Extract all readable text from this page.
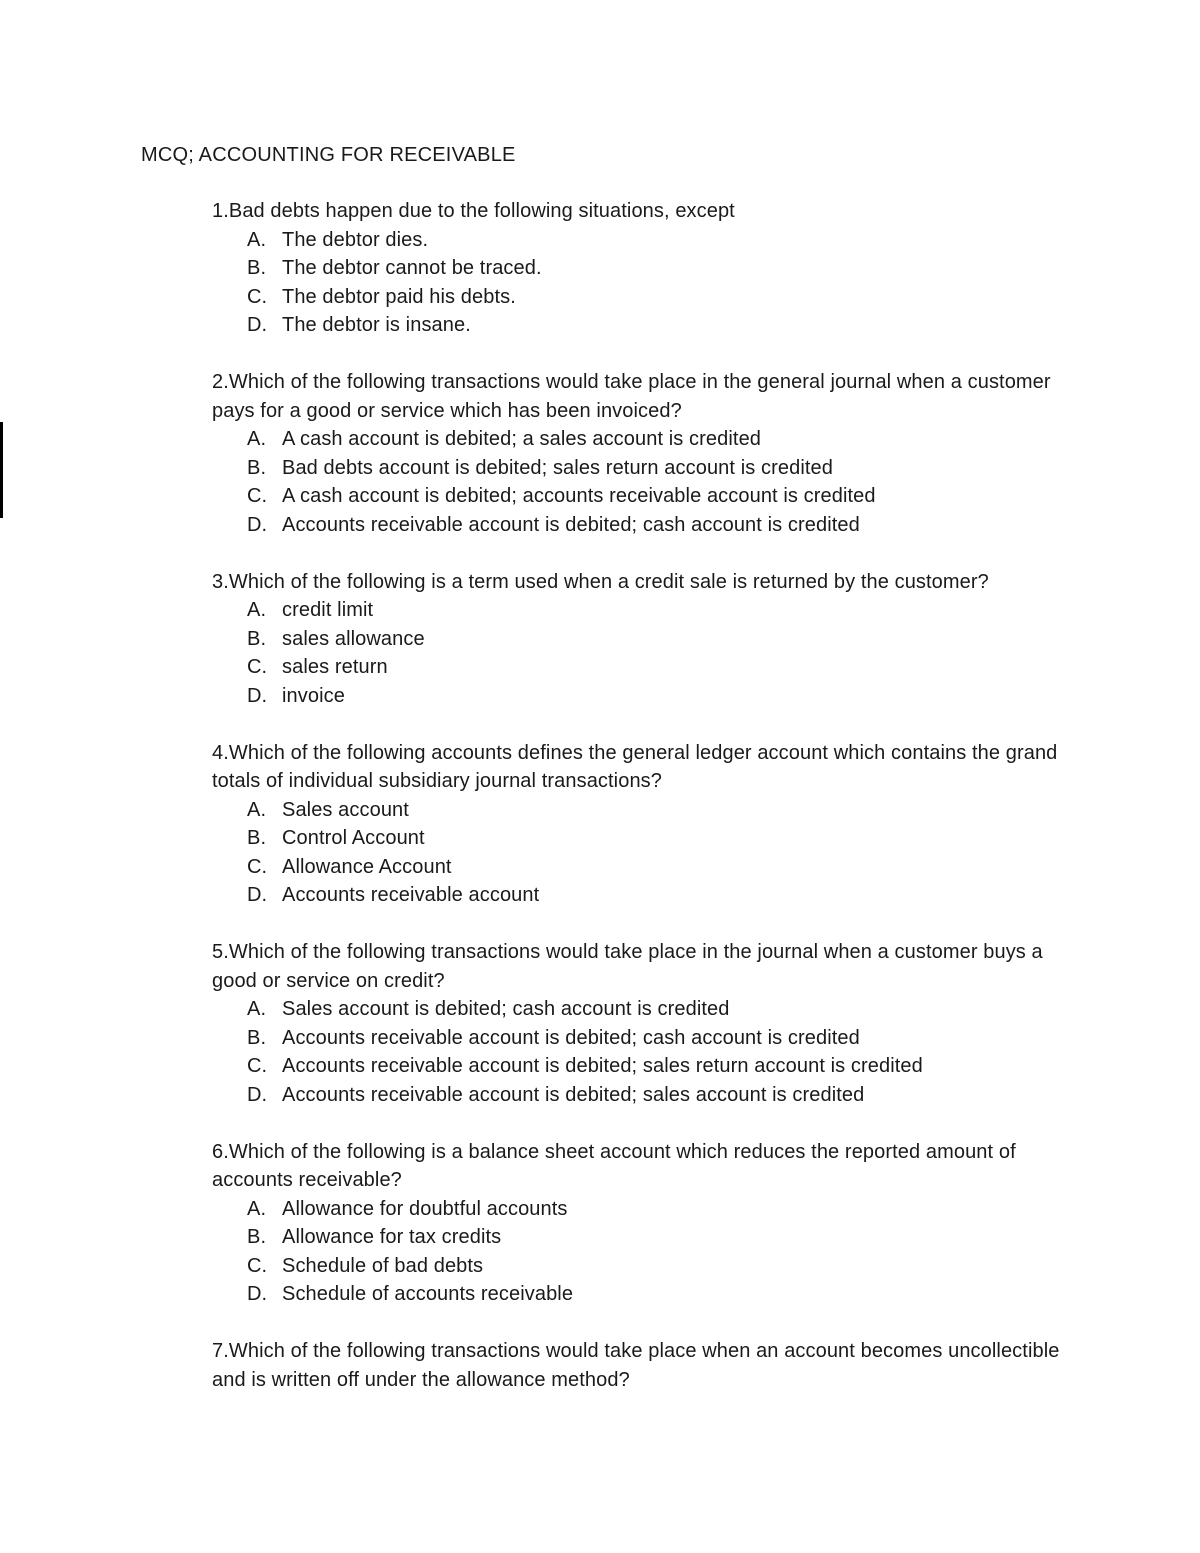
MCQ; ACCOUNTING FOR RECEIVABLE
1.Bad debts happen due to the following situations, except
A. The debtor dies.
B. The debtor cannot be traced.
C. The debtor paid his debts.
D. The debtor is insane.
2.Which of the following transactions would take place in the general journal when a customer pays for a good or service which has been invoiced?
A. A cash account is debited; a sales account is credited
B. Bad debts account is debited; sales return account is credited
C. A cash account is debited; accounts receivable account is credited
D. Accounts receivable account is debited; cash account is credited
3.Which of the following is a term used when a credit sale is returned by the customer?
A. credit limit
B. sales allowance
C. sales return
D. invoice
4.Which of the following accounts defines the general ledger account which contains the grand totals of individual subsidiary journal transactions?
A. Sales account
B. Control Account
C. Allowance Account
D. Accounts receivable account
5.Which of the following transactions would take place in the journal when a customer buys a good or service on credit?
A. Sales account is debited; cash account is credited
B. Accounts receivable account is debited; cash account is credited
C. Accounts receivable account is debited; sales return account is credited
D. Accounts receivable account is debited; sales account is credited
6.Which of the following is a balance sheet account which reduces the reported amount of accounts receivable?
A. Allowance for doubtful accounts
B. Allowance for tax credits
C. Schedule of bad debts
D. Schedule of accounts receivable
7.Which of the following transactions would take place when an account becomes uncollectible and is written off under the allowance method?
